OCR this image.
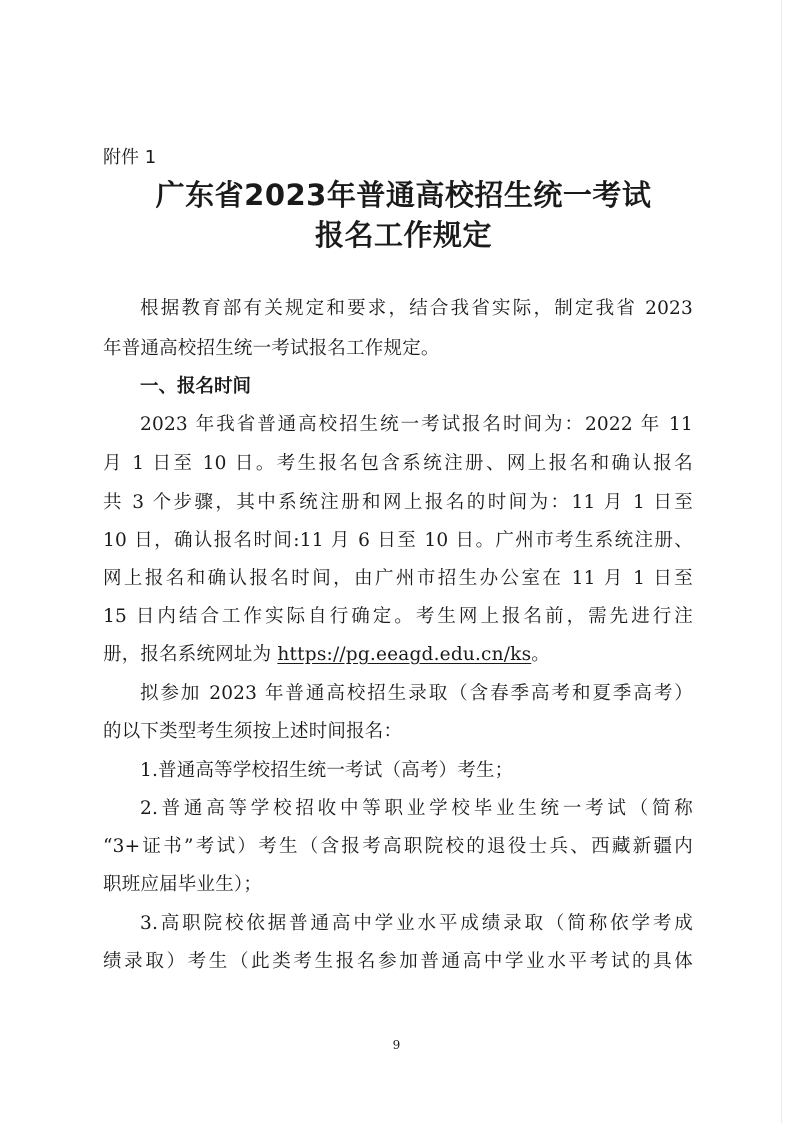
附件 1
广东省2023年普通高校招生统一考试
报名工作规定
根据教育部有关规定和要求，结合我省实际，制定我省 2023
年普通高校招生统一考试报名工作规定。
一、报名时间
2023 年我省普通高校招生统一考试报名时间为：2022 年 11
月 1 日至 10 日。考生报名包含系统注册、网上报名和确认报名
共 3 个步骤，其中系统注册和网上报名的时间为：11 月 1 日至
10 日，确认报名时间:11 月 6 日至 10 日。广州市考生系统注册、
网上报名和确认报名时间，由广州市招生办公室在 11 月 1 日至
15 日内结合工作实际自行确定。考生网上报名前，需先进行注
册，报名系统网址为 https://pg.eeagd.edu.cn/ks。
拟参加 2023 年普通高校招生录取（含春季高考和夏季高考）
的以下类型考生须按上述时间报名：
1.普通高等学校招生统一考试（高考）考生；
2.普通高等学校招收中等职业学校毕业生统一考试（简称
“3+证书”考试）考生（含报考高职院校的退役士兵、西藏新疆内
职班应届毕业生）；
3.高职院校依据普通高中学业水平成绩录取（简称依学考成
绩录取）考生（此类考生报名参加普通高中学业水平考试的具体
9
